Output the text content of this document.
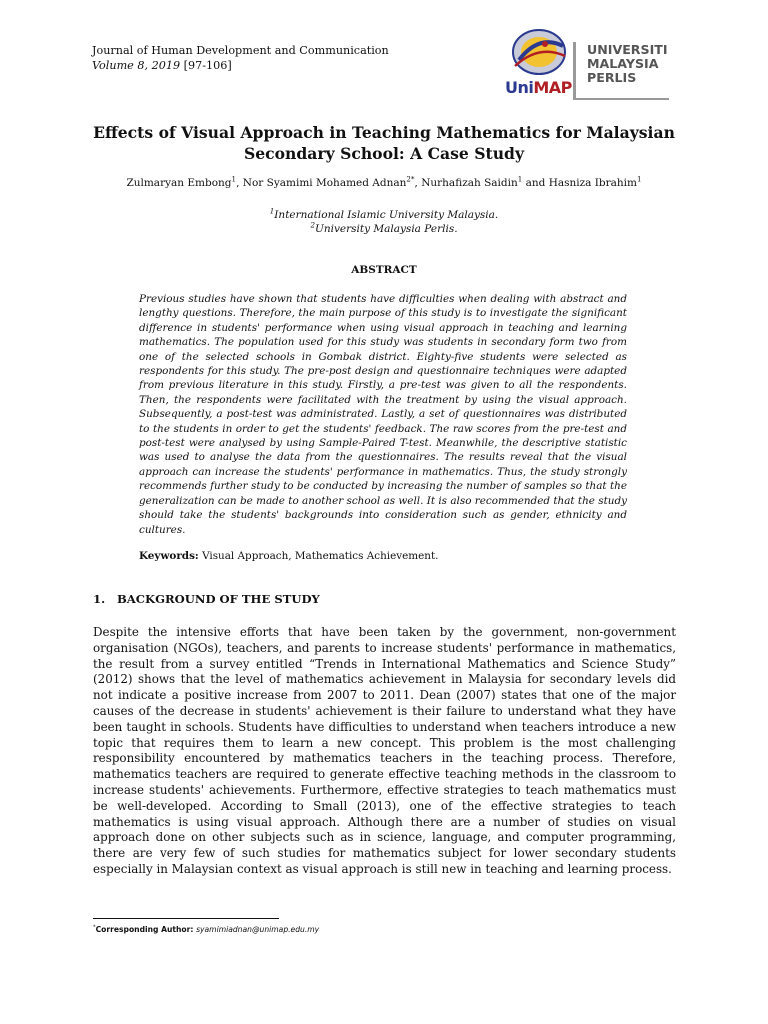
Journal of Human Development and Communication
Volume 8, 2019 [97-106]
UniMAP
UNIVERSITI
MALAYSIA
PERLIS
Effects of Visual Approach in Teaching Mathematics for Malaysian Secondary School: A Case Study
Zulmaryan Embong$^1$, Nor Syamimi Mohamed Adnan$^{2*}$, Nurhafizah Saidin$^1$ and Hasniza Ibrahim$^1$
$^1$International Islamic University Malaysia.
$^2$University Malaysia Perlis.
ABSTRACT
Previous studies have shown that students have difficulties when dealing with abstract and lengthy questions. Therefore, the main purpose of this study is to investigate the significant difference in students' performance when using visual approach in teaching and learning mathematics. The population used for this study was students in secondary form two from one of the selected schools in Gombak district. Eighty-five students were selected as respondents for this study. The pre-post design and questionnaire techniques were adapted from previous literature in this study. Firstly, a pre-test was given to all the respondents. Then, the respondents were facilitated with the treatment by using the visual approach. Subsequently, a post-test was administrated. Lastly, a set of questionnaires was distributed to the students in order to get the students' feedback. The raw scores from the pre-test and post-test were analysed by using Sample-Paired T-test. Meanwhile, the descriptive statistic was used to analyse the data from the questionnaires. The results reveal that the visual approach can increase the students' performance in mathematics. Thus, the study strongly recommends further study to be conducted by increasing the number of samples so that the generalization can be made to another school as well. It is also recommended that the study should take the students' backgrounds into consideration such as gender, ethnicity and cultures.
Keywords: Visual Approach, Mathematics Achievement.
1. BACKGROUND OF THE STUDY
Despite the intensive efforts that have been taken by the government, non-government organisation (NGOs), teachers, and parents to increase students' performance in mathematics, the result from a survey entitled “Trends in International Mathematics and Science Study” (2012) shows that the level of mathematics achievement in Malaysia for secondary levels did not indicate a positive increase from 2007 to 2011. Dean (2007) states that one of the major causes of the decrease in students' achievement is their failure to understand what they have been taught in schools. Students have difficulties to understand when teachers introduce a new topic that requires them to learn a new concept. This problem is the most challenging responsibility encountered by mathematics teachers in the teaching process. Therefore, mathematics teachers are required to generate effective teaching methods in the classroom to increase students' achievements. Furthermore, effective strategies to teach mathematics must be well-developed. According to Small (2013), one of the effective strategies to teach mathematics is using visual approach. Although there are a number of studies on visual approach done on other subjects such as in science, language, and computer programming, there are very few of such studies for mathematics subject for lower secondary students especially in Malaysian context as visual approach is still new in teaching and learning process.
*Corresponding Author: syamimiadnan@unimap.edu.my
